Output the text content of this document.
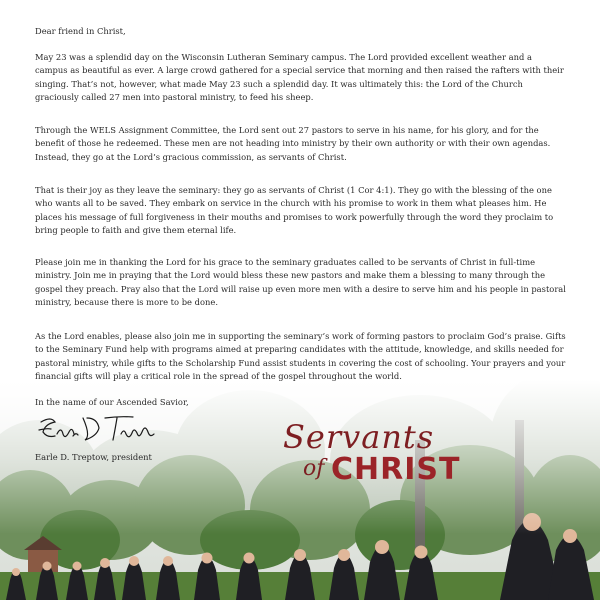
Dear friend in Christ,

May 23 was a splendid day on the Wisconsin Lutheran Seminary campus. The Lord provided excellent weather and a campus as beautiful as ever. A large crowd gathered for a special service that morning and then raised the rafters with their singing. That’s not, however, what made May 23 such a splendid day. It was ultimately this: the Lord of the Church graciously called 27 men into pastoral ministry, to feed his sheep.

Through the WELS Assignment Committee, the Lord sent out 27 pastors to serve in his name, for his glory, and for the benefit of those he redeemed. These men are not heading into ministry by their own authority or with their own agendas. Instead, they go at the Lord’s gracious commission, as servants of Christ.

That is their joy as they leave the seminary: they go as servants of Christ (1 Cor 4:1). They go with the blessing of the one who wants all to be saved. They embark on service in the church with his promise to work in them what pleases him. He places his message of full forgiveness in their mouths and promises to work powerfully through the word they proclaim to bring people to faith and give them eternal life.

Please join me in thanking the Lord for his grace to the seminary graduates called to be servants of Christ in full-time ministry. Join me in praying that the Lord would bless these new pastors and make them a blessing to many through the gospel they preach. Pray also that the Lord will raise up even more men with a desire to serve him and his people in pastoral ministry, because there is more to be done.

As the Lord enables, please also join me in supporting the seminary’s work of forming pastors to proclaim God’s praise. Gifts to the Seminary Fund help with programs aimed at preparing candidates with the attitude, knowledge, and skills needed for pastoral ministry, while gifts to the Scholarship Fund assist students in covering the cost of schooling. Your prayers and your financial gifts will play a critical role in the spread of the gospel throughout the world.

In the name of our Ascended Savior,

Earle D. Treptow, president
Servants
of CHRIST
